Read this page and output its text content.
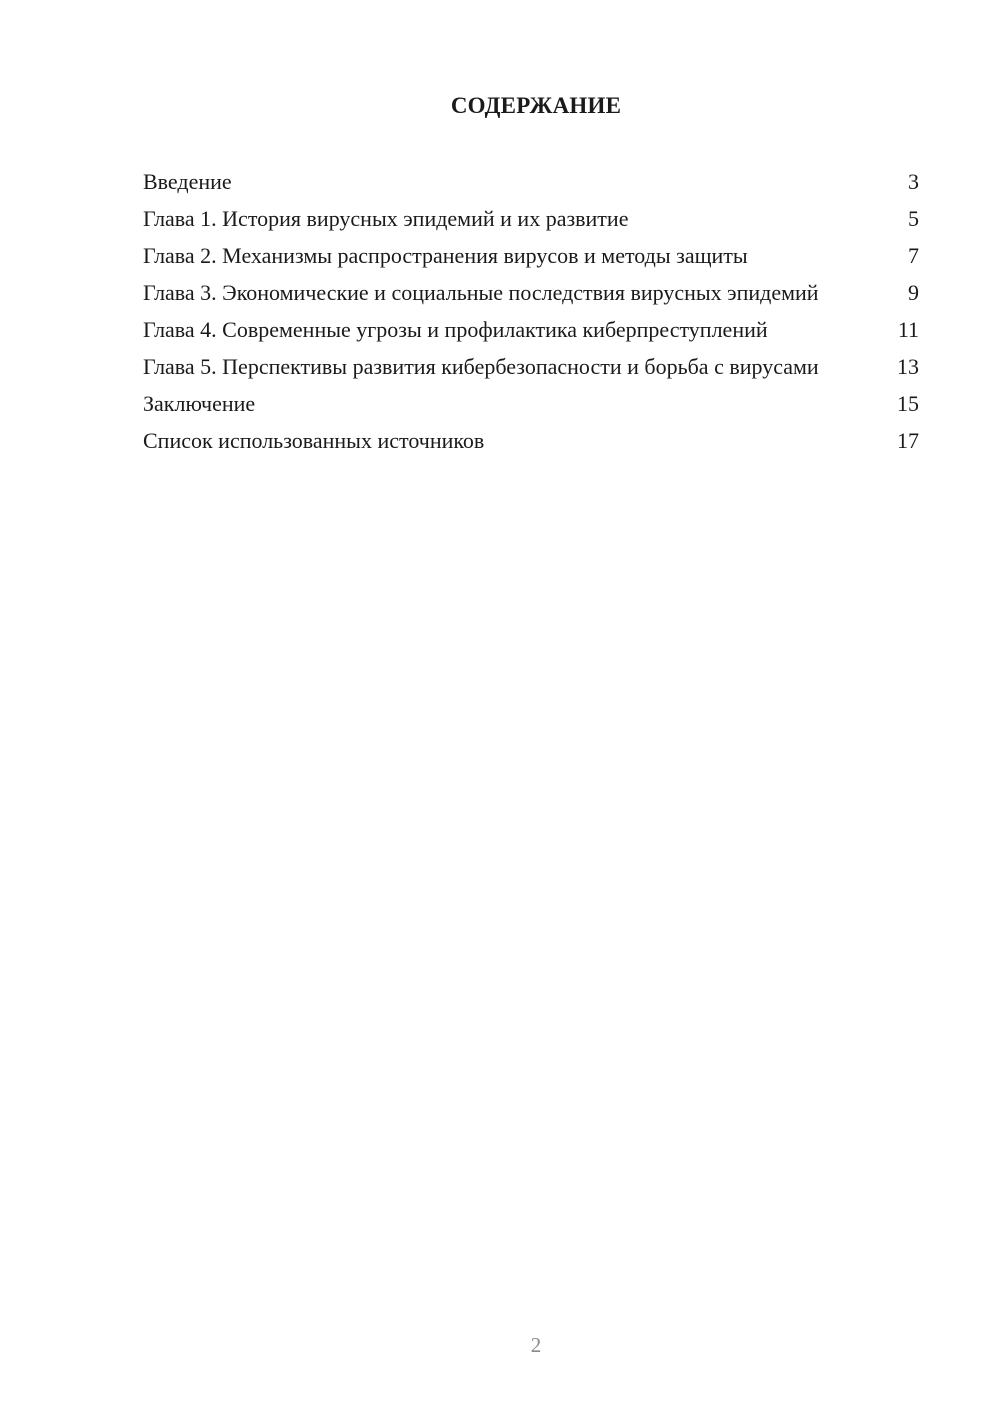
СОДЕРЖАНИЕ
Введение	3
Глава 1. История вирусных эпидемий и их развитие	5
Глава 2. Механизмы распространения вирусов и методы защиты	7
Глава 3. Экономические и социальные последствия вирусных эпидемий	9
Глава 4. Современные угрозы и профилактика киберпреступлений	11
Глава 5. Перспективы развития кибербезопасности и борьба с вирусами	13
Заключение	15
Список использованных источников	17
2
